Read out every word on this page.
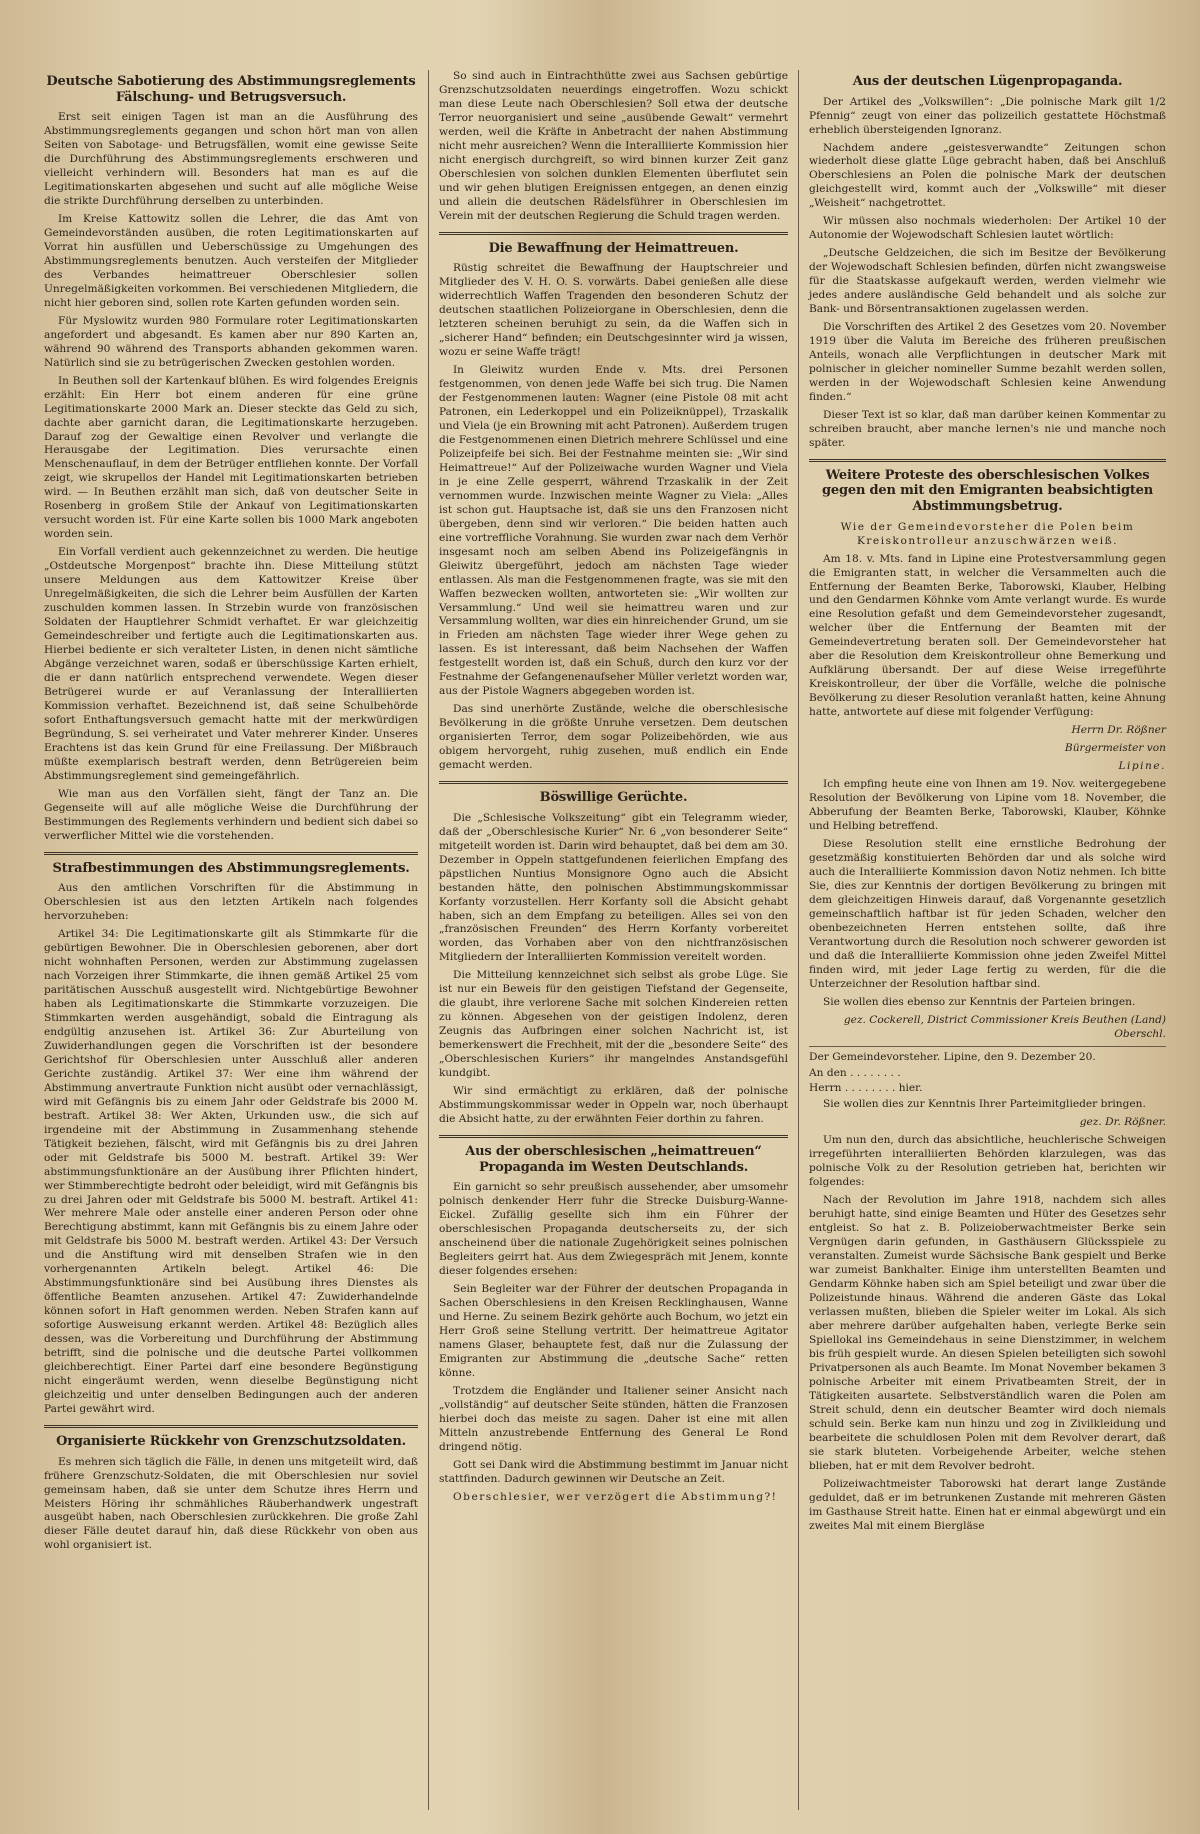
Deutsche Sabotierung des Abstimmungsreglements Fälschung- und Betrugsversuch.

Erst seit einigen Tagen ist man an die Ausführung des Abstimmungsreglements gegangen und schon hört man von allen Seiten von Sabotage- und Betrugsfällen, womit eine gewisse Seite die Durchführung des Abstimmungsreglements erschweren und vielleicht verhindern will. Besonders hat man es auf die Legitimationskarten abgesehen und sucht auf alle mögliche Weise die strikte Durchführung derselben zu unterbinden.

Im Kreise Kattowitz sollen die Lehrer, die das Amt von Gemeindevorständen ausüben, die roten Legitimationskarten auf Vorrat hin ausfüllen und Ueberschüssige zu Umgehungen des Abstimmungsreglements benutzen. Auch versteifen der Mitglieder des Verbandes heimattreuer Oberschlesier sollen Unregelmäßigkeiten vorkommen. Bei verschiedenen Mitgliedern, die nicht hier geboren sind, sollen rote Karten gefunden worden sein.

Für Myslowitz wurden 980 Formulare roter Legitimationskarten angefordert und abgesandt. Es kamen aber nur 890 Karten an, während 90 während des Transports abhanden gekommen waren. Natürlich sind sie zu betrügerischen Zwecken gestohlen worden.

In Beuthen soll der Kartenkauf blühen. Es wird folgendes Ereignis erzählt: Ein Herr bot einem anderen für eine grüne Legitimationskarte 2000 Mark an. Dieser steckte das Geld zu sich, dachte aber garnicht daran, die Legitimationskarte herzugeben. Darauf zog der Gewaltige einen Revolver und verlangte die Herausgabe der Legitimation. Dies verursachte einen Menschenauflauf, in dem der Betrüger entfliehen konnte. Der Vorfall zeigt, wie skrupellos der Handel mit Legitimationskarten betrieben wird. — In Beuthen erzählt man sich, daß von deutscher Seite in Rosenberg in großem Stile der Ankauf von Legitimationskarten versucht worden ist. Für eine Karte sollen bis 1000 Mark angeboten worden sein.

Ein Vorfall verdient auch gekennzeichnet zu werden. Die heutige „Ostdeutsche Morgenpost“ brachte ihn. Diese Mitteilung stützt unsere Meldungen aus dem Kattowitzer Kreise über Unregelmäßigkeiten, die sich die Lehrer beim Ausfüllen der Karten zuschulden kommen lassen. In Strzebin wurde von französischen Soldaten der Hauptlehrer Schmidt verhaftet. Er war gleichzeitig Gemeindeschreiber und fertigte auch die Legitimationskarten aus. Hierbei bediente er sich veralteter Listen, in denen nicht sämtliche Abgänge verzeichnet waren, sodaß er überschüssige Karten erhielt, die er dann natürlich entsprechend verwendete. Wegen dieser Betrügerei wurde er auf Veranlassung der Interalliierten Kommission verhaftet. Bezeichnend ist, daß seine Schulbehörde sofort Enthaftungsversuch gemacht hatte mit der merkwürdigen Begründung, S. sei verheiratet und Vater mehrerer Kinder. Unseres Erachtens ist das kein Grund für eine Freilassung. Der Mißbrauch müßte exemplarisch bestraft werden, denn Betrügereien beim Abstimmungsreglement sind gemeingefährlich.

Wie man aus den Vorfällen sieht, fängt der Tanz an. Die Gegenseite will auf alle mögliche Weise die Durchführung der Bestimmungen des Reglements verhindern und bedient sich dabei so verwerflicher Mittel wie die vorstehenden.

Strafbestimmungen des Abstimmungsreglements.

Aus den amtlichen Vorschriften für die Abstimmung in Oberschlesien ist aus den letzten Artikeln nach folgendes hervorzuheben:

Artikel 34: Die Legitimationskarte gilt als Stimmkarte für die gebürtigen Bewohner. Die in Oberschlesien geborenen, aber dort nicht wohnhaften Personen, werden zur Abstimmung zugelassen nach Vorzeigen ihrer Stimmkarte, die ihnen gemäß Artikel 25 vom paritätischen Ausschuß ausgestellt wird. Nichtgebürtige Bewohner haben als Legitimationskarte die Stimmkarte vorzuzeigen. Die Stimmkarten werden ausgehändigt, sobald die Eintragung als endgültig anzusehen ist. Artikel 36: Zur Aburteilung von Zuwiderhandlungen gegen die Vorschriften ist der besondere Gerichtshof für Oberschlesien unter Ausschluß aller anderen Gerichte zuständig. Artikel 37: Wer eine ihm während der Abstimmung anvertraute Funktion nicht ausübt oder vernachlässigt, wird mit Gefängnis bis zu einem Jahr oder Geldstrafe bis 2000 M. bestraft. Artikel 38: Wer Akten, Urkunden usw., die sich auf irgendeine mit der Abstimmung in Zusammenhang stehende Tätigkeit beziehen, fälscht, wird mit Gefängnis bis zu drei Jahren oder mit Geldstrafe bis 5000 M. bestraft. Artikel 39: Wer abstimmungsfunktionäre an der Ausübung ihrer Pflichten hindert, wer Stimmberechtigte bedroht oder beleidigt, wird mit Gefängnis bis zu drei Jahren oder mit Geldstrafe bis 5000 M. bestraft. Artikel 41: Wer mehrere Male oder anstelle einer anderen Person oder ohne Berechtigung abstimmt, kann mit Gefängnis bis zu einem Jahre oder mit Geldstrafe bis 5000 M. bestraft werden. Artikel 43: Der Versuch und die Anstiftung wird mit denselben Strafen wie in den vorhergenannten Artikeln belegt. Artikel 46: Die Abstimmungsfunktionäre sind bei Ausübung ihres Dienstes als öffentliche Beamten anzusehen. Artikel 47: Zuwiderhandelnde können sofort in Haft genommen werden. Neben Strafen kann auf sofortige Ausweisung erkannt werden. Artikel 48: Bezüglich alles dessen, was die Vorbereitung und Durchführung der Abstimmung betrifft, sind die polnische und die deutsche Partei vollkommen gleichberechtigt. Einer Partei darf eine besondere Begünstigung nicht eingeräumt werden, wenn dieselbe Begünstigung nicht gleichzeitig und unter denselben Bedingungen auch der anderen Partei gewährt wird.

Organisierte Rückkehr von Grenzschutzsoldaten.

Es mehren sich täglich die Fälle, in denen uns mitgeteilt wird, daß frühere Grenzschutz-Soldaten, die mit Oberschlesien nur soviel gemeinsam haben, daß sie unter dem Schutze ihres Herrn und Meisters Höring ihr schmähliches Räuberhandwerk ungestraft ausgeübt haben, nach Oberschlesien zurückkehren. Die große Zahl dieser Fälle deutet darauf hin, daß diese Rückkehr von oben aus wohl organisiert ist.

So sind auch in Eintrachthütte zwei aus Sachsen gebürtige Grenzschutzsoldaten neuerdings eingetroffen. Wozu schickt man diese Leute nach Oberschlesien? Soll etwa der deutsche Terror neuorganisiert und seine „ausübende Gewalt“ vermehrt werden, weil die Kräfte in Anbetracht der nahen Abstimmung nicht mehr ausreichen? Wenn die Interalliierte Kommission hier nicht energisch durchgreift, so wird binnen kurzer Zeit ganz Oberschlesien von solchen dunklen Elementen überflutet sein und wir gehen blutigen Ereignissen entgegen, an denen einzig und allein die deutschen Rädelsführer in Oberschlesien im Verein mit der deutschen Regierung die Schuld tragen werden.

Die Bewaffnung der Heimattreuen.

Rüstig schreitet die Bewaffnung der Hauptschreier und Mitglieder des V. H. O. S. vorwärts. Dabei genießen alle diese widerrechtlich Waffen Tragenden den besonderen Schutz der deutschen staatlichen Polizeiorgane in Oberschlesien, denn die letzteren scheinen beruhigt zu sein, da die Waffen sich in „sicherer Hand“ befinden; ein Deutschgesinnter wird ja wissen, wozu er seine Waffe trägt!

In Gleiwitz wurden Ende v. Mts. drei Personen festgenommen, von denen jede Waffe bei sich trug. Die Namen der Festgenommenen lauten: Wagner (eine Pistole 08 mit acht Patronen, ein Lederkoppel und ein Polizeiknüppel), Trzaskalik und Viela (je ein Browning mit acht Patronen). Außerdem trugen die Festgenommenen einen Dietrich mehrere Schlüssel und eine Polizeipfeife bei sich. Bei der Festnahme meinten sie: „Wir sind Heimattreue!“ Auf der Polizeiwache wurden Wagner und Viela in je eine Zelle gesperrt, während Trzaskalik in der Zeit vernommen wurde. Inzwischen meinte Wagner zu Viela: „Alles ist schon gut. Hauptsache ist, daß sie uns den Franzosen nicht übergeben, denn sind wir verloren.“ Die beiden hatten auch eine vortreffliche Vorahnung. Sie wurden zwar nach dem Verhör insgesamt noch am selben Abend ins Polizeigefängnis in Gleiwitz übergeführt, jedoch am nächsten Tage wieder entlassen. Als man die Festgenommenen fragte, was sie mit den Waffen bezwecken wollten, antworteten sie: „Wir wollten zur Versammlung.“ Und weil sie heimattreu waren und zur Versammlung wollten, war dies ein hinreichender Grund, um sie in Frieden am nächsten Tage wieder ihrer Wege gehen zu lassen. Es ist interessant, daß beim Nachsehen der Waffen festgestellt worden ist, daß ein Schuß, durch den kurz vor der Festnahme der Gefangenenaufseher Müller verletzt worden war, aus der Pistole Wagners abgegeben worden ist.

Das sind unerhörte Zustände, welche die oberschlesische Bevölkerung in die größte Unruhe versetzen. Dem deutschen organisierten Terror, dem sogar Polizeibehörden, wie aus obigem hervorgeht, ruhig zusehen, muß endlich ein Ende gemacht werden.

Böswillige Gerüchte.

Die „Schlesische Volkszeitung“ gibt ein Telegramm wieder, daß der „Oberschlesische Kurier“ Nr. 6 „von besonderer Seite“ mitgeteilt worden ist. Darin wird behauptet, daß bei dem am 30. Dezember in Oppeln stattgefundenen feierlichen Empfang des päpstlichen Nuntius Monsignore Ogno auch die Absicht bestanden hätte, den polnischen Abstimmungskommissar Korfanty vorzustellen. Herr Korfanty soll die Absicht gehabt haben, sich an dem Empfang zu beteiligen. Alles sei von den „französischen Freunden“ des Herrn Korfanty vorbereitet worden, das Vorhaben aber von den nichtfranzösischen Mitgliedern der Interalliierten Kommission vereitelt worden.

Die Mitteilung kennzeichnet sich selbst als grobe Lüge. Sie ist nur ein Beweis für den geistigen Tiefstand der Gegenseite, die glaubt, ihre verlorene Sache mit solchen Kindereien retten zu können. Abgesehen von der geistigen Indolenz, deren Zeugnis das Aufbringen einer solchen Nachricht ist, ist bemerkenswert die Frechheit, mit der die „besondere Seite“ des „Oberschlesischen Kuriers“ ihr mangelndes Anstandsgefühl kundgibt.

Wir sind ermächtigt zu erklären, daß der polnische Abstimmungskommissar weder in Oppeln war, noch überhaupt die Absicht hatte, zu der erwähnten Feier dorthin zu fahren.

Aus der oberschlesischen „heimattreuen“ Propaganda im Westen Deutschlands.

Ein garnicht so sehr preußisch aussehender, aber umsomehr polnisch denkender Herr fuhr die Strecke Duisburg-Wanne-Eickel. Zufällig gesellte sich ihm ein Führer der oberschlesischen Propaganda deutscherseits zu, der sich anscheinend über die nationale Zugehörigkeit seines polnischen Begleiters geirrt hat. Aus dem Zwiegespräch mit Jenem, konnte dieser folgendes ersehen:

Sein Begleiter war der Führer der deutschen Propaganda in Sachen Oberschlesiens in den Kreisen Recklinghausen, Wanne und Herne. Zu seinem Bezirk gehörte auch Bochum, wo jetzt ein Herr Groß seine Stellung vertritt. Der heimattreue Agitator namens Glaser, behauptete fest, daß nur die Zulassung der Emigranten zur Abstimmung die „deutsche Sache“ retten könne.

Trotzdem die Engländer und Italiener seiner Ansicht nach „vollständig“ auf deutscher Seite stünden, hätten die Franzosen hierbei doch das meiste zu sagen. Daher ist eine mit allen Mitteln anzustrebende Entfernung des General Le Rond dringend nötig.

Gott sei Dank wird die Abstimmung bestimmt im Januar nicht stattfinden. Dadurch gewinnen wir Deutsche an Zeit.

Oberschlesier, wer verzögert die Abstimmung?!

Aus der deutschen Lügenpropaganda.

Der Artikel des „Volkswillen“: „Die polnische Mark gilt 1/2 Pfennig“ zeugt von einer das polizeilich gestattete Höchstmaß erheblich übersteigenden Ignoranz.

Nachdem andere „geistesverwandte“ Zeitungen schon wiederholt diese glatte Lüge gebracht haben, daß bei Anschluß Oberschlesiens an Polen die polnische Mark der deutschen gleichgestellt wird, kommt auch der „Volkswille“ mit dieser „Weisheit“ nachgetrottet.

Wir müssen also nochmals wiederholen: Der Artikel 10 der Autonomie der Wojewodschaft Schlesien lautet wörtlich:

„Deutsche Geldzeichen, die sich im Besitze der Bevölkerung der Wojewodschaft Schlesien befinden, dürfen nicht zwangsweise für die Staatskasse aufgekauft werden, werden vielmehr wie jedes andere ausländische Geld behandelt und als solche zur Bank- und Börsentransaktionen zugelassen werden.

Die Vorschriften des Artikel 2 des Gesetzes vom 20. November 1919 über die Valuta im Bereiche des früheren preußischen Anteils, wonach alle Verpflichtungen in deutscher Mark mit polnischer in gleicher nomineller Summe bezahlt werden sollen, werden in der Wojewodschaft Schlesien keine Anwendung finden.“

Dieser Text ist so klar, daß man darüber keinen Kommentar zu schreiben braucht, aber manche lernen's nie und manche noch später.

Weitere Proteste des oberschlesischen Volkes gegen den mit den Emigranten beabsichtigten Abstimmungsbetrug.

Wie der Gemeindevorsteher die Polen beim Kreiskontrolleur anzuschwärzen weiß.

Am 18. v. Mts. fand in Lipine eine Protestversammlung gegen die Emigranten statt, in welcher die Versammelten auch die Entfernung der Beamten Berke, Taborowski, Klauber, Helbing und den Gendarmen Köhnke vom Amte verlangt wurde. Es wurde eine Resolution gefaßt und dem Gemeindevorsteher zugesandt, welcher über die Entfernung der Beamten mit der Gemeindevertretung beraten soll. Der Gemeindevorsteher hat aber die Resolution dem Kreiskontrolleur ohne Bemerkung und Aufklärung übersandt. Der auf diese Weise irregeführte Kreiskontrolleur, der über die Vorfälle, welche die polnische Bevölkerung zu dieser Resolution veranlaßt hatten, keine Ahnung hatte, antwortete auf diese mit folgender Verfügung:

Herrn Dr. Rößner

Bürgermeister von

Lipine.

Ich empfing heute eine von Ihnen am 19. Nov. weitergegebene Resolution der Bevölkerung von Lipine vom 18. November, die Abberufung der Beamten Berke, Taborowski, Klauber, Köhnke und Helbing betreffend.

Diese Resolution stellt eine ernstliche Bedrohung der gesetzmäßig konstituierten Behörden dar und als solche wird auch die Interalliierte Kommission davon Notiz nehmen. Ich bitte Sie, dies zur Kenntnis der dortigen Bevölkerung zu bringen mit dem gleichzeitigen Hinweis darauf, daß Vorgenannte gesetzlich gemeinschaftlich haftbar ist für jeden Schaden, welcher den obenbezeichneten Herren entstehen sollte, daß ihre Verantwortung durch die Resolution noch schwerer geworden ist und daß die Interalliierte Kommission ohne jeden Zweifel Mittel finden wird, mit jeder Lage fertig zu werden, für die die Unterzeichner der Resolution haftbar sind.

Sie wollen dies ebenso zur Kenntnis der Parteien bringen.

gez. Cockerell, District Commissioner Kreis Beuthen (Land) Oberschl.

Der Gemeindevorsteher. Lipine, den 9. Dezember 20.

An den . . . . . . . .

Herrn . . . . . . . . hier.

Sie wollen dies zur Kenntnis Ihrer Parteimitglieder bringen.

gez. Dr. Rößner.

Um nun den, durch das absichtliche, heuchlerische Schweigen irregeführten interalliierten Behörden klarzulegen, was das polnische Volk zu der Resolution getrieben hat, berichten wir folgendes:

Nach der Revolution im Jahre 1918, nachdem sich alles beruhigt hatte, sind einige Beamten und Hüter des Gesetzes sehr entgleist. So hat z. B. Polizeioberwachtmeister Berke sein Vergnügen darin gefunden, in Gasthäusern Glücksspiele zu veranstalten. Zumeist wurde Sächsische Bank gespielt und Berke war zumeist Bankhalter. Einige ihm unterstellten Beamten und Gendarm Köhnke haben sich am Spiel beteiligt und zwar über die Polizeistunde hinaus. Während die anderen Gäste das Lokal verlassen mußten, blieben die Spieler weiter im Lokal. Als sich aber mehrere darüber aufgehalten haben, verlegte Berke sein Spiellokal ins Gemeindehaus in seine Dienstzimmer, in welchem bis früh gespielt wurde. An diesen Spielen beteiligten sich sowohl Privatpersonen als auch Beamte. Im Monat November bekamen 3 polnische Arbeiter mit einem Privatbeamten Streit, der in Tätigkeiten ausartete. Selbstverständlich waren die Polen am Streit schuld, denn ein deutscher Beamter wird doch niemals schuld sein. Berke kam nun hinzu und zog in Zivilkleidung und bearbeitete die schuldlosen Polen mit dem Revolver derart, daß sie stark bluteten. Vorbeigehende Arbeiter, welche stehen blieben, hat er mit dem Revolver bedroht.

Polizeiwachtmeister Taborowski hat derart lange Zustände geduldet, daß er im betrunkenen Zustande mit mehreren Gästen im Gasthause Streit hatte. Einen hat er einmal abgewürgt und ein zweites Mal mit einem Biergläse
